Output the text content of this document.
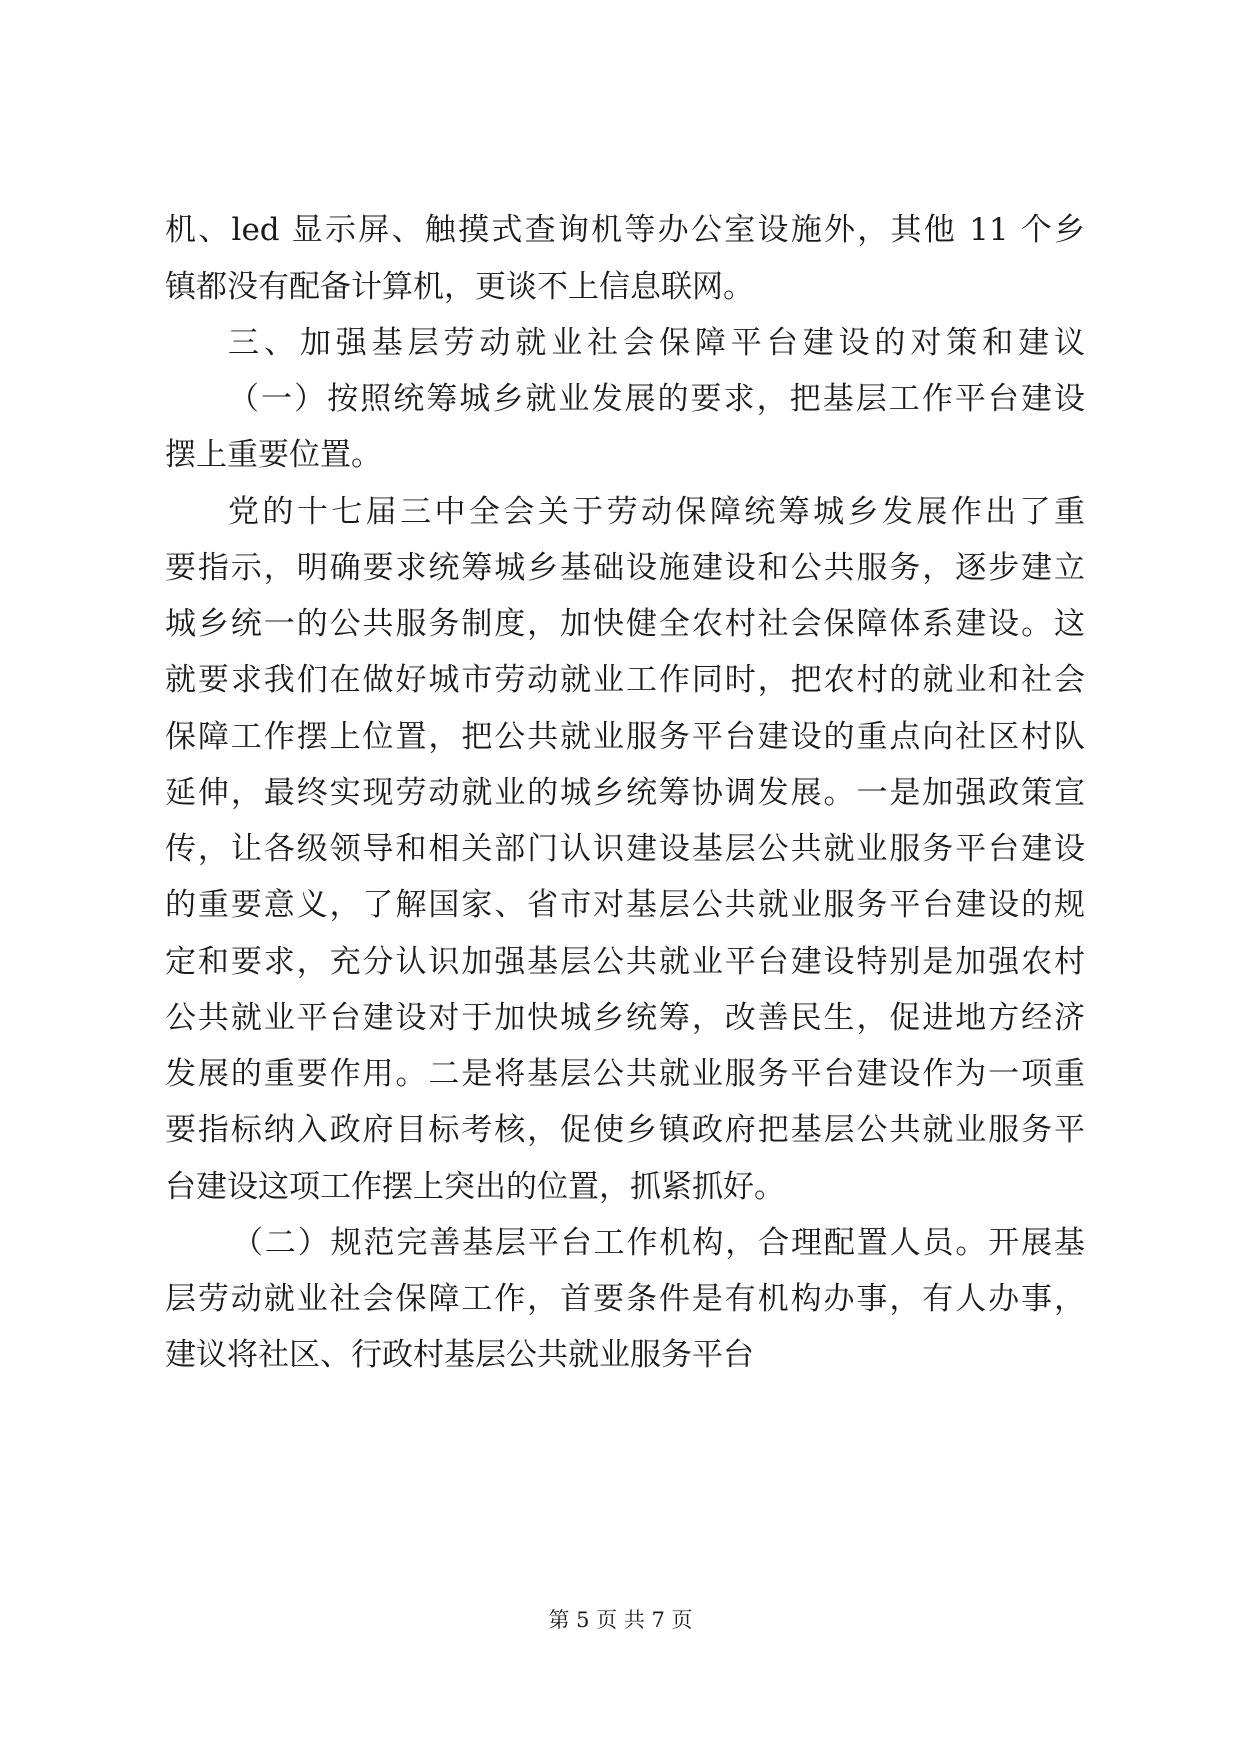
机、led 显示屏、触摸式查询机等办公室设施外，其他 11 个乡
镇都没有配备计算机，更谈不上信息联网。
三、加强基层劳动就业社会保障平台建设的对策和建议
（一）按照统筹城乡就业发展的要求，把基层工作平台建设
摆上重要位置。
党的十七届三中全会关于劳动保障统筹城乡发展作出了重
要指示，明确要求统筹城乡基础设施建设和公共服务，逐步建立
城乡统一的公共服务制度，加快健全农村社会保障体系建设。这
就要求我们在做好城市劳动就业工作同时，把农村的就业和社会
保障工作摆上位置，把公共就业服务平台建设的重点向社区村队
延伸，最终实现劳动就业的城乡统筹协调发展。一是加强政策宣
传，让各级领导和相关部门认识建设基层公共就业服务平台建设
的重要意义，了解国家、省市对基层公共就业服务平台建设的规
定和要求，充分认识加强基层公共就业平台建设特别是加强农村
公共就业平台建设对于加快城乡统筹，改善民生，促进地方经济
发展的重要作用。二是将基层公共就业服务平台建设作为一项重
要指标纳入政府目标考核，促使乡镇政府把基层公共就业服务平
台建设这项工作摆上突出的位置，抓紧抓好。
（二）规范完善基层平台工作机构，合理配置人员。开展基
层劳动就业社会保障工作，首要条件是有机构办事，有人办事，
建议将社区、行政村基层公共就业服务平台
第 5 页 共 7 页
